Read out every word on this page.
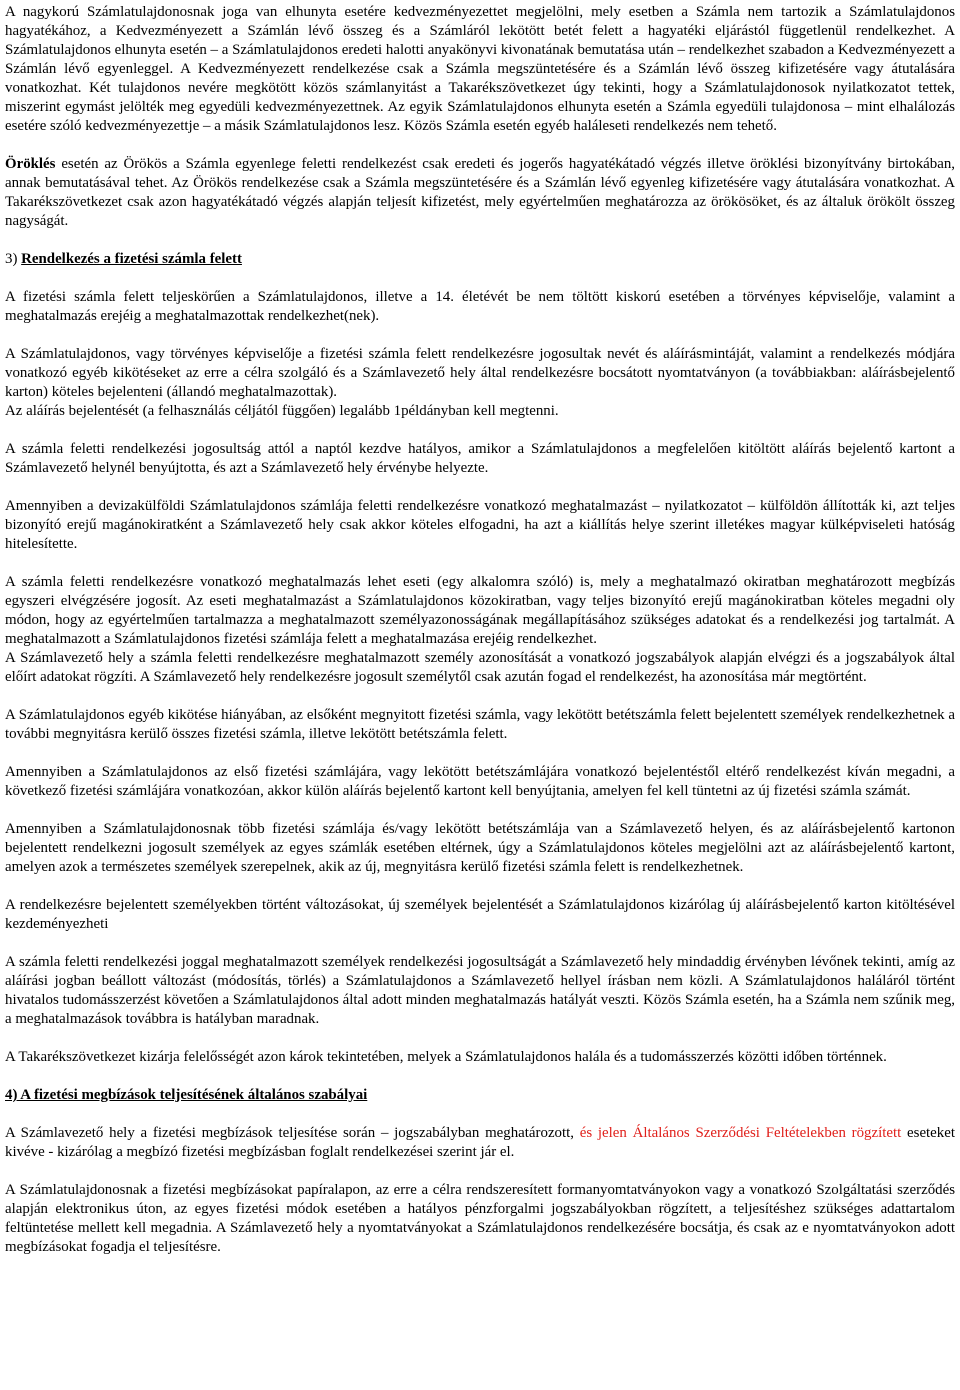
A nagykorú Számlatulajdonosnak joga van elhunyta esetére kedvezményezettet megjelölni, mely esetben a Számla nem tartozik a Számlatulajdonos hagyatékához, a Kedvezményezett a Számlán lévő összeg és a Számláról lekötött betét felett a hagyatéki eljárástól függetlenül rendelkezhet. A Számlatulajdonos elhunyta esetén – a Számlatulajdonos eredeti halotti anyakönyvi kivonatának bemutatása után – rendelkezhet szabadon a Kedvezményezett a Számlán lévő egyenleggel. A Kedvezményezett rendelkezése csak a Számla megszüntetésére és a Számlán lévő összeg kifizetésére vagy átutalására vonatkozhat. Két tulajdonos nevére megkötött közös számlanyitást a Takarékszövetkezet úgy tekinti, hogy a Számlatulajdonosok nyilatkozatot tettek, miszerint egymást jelölték meg egyedüli kedvezményezettnek. Az egyik Számlatulajdonos elhunyta esetén a Számla egyedüli tulajdonosa – mint elhalálozás esetére szóló kedvezményezettje – a másik Számlatulajdonos lesz. Közös Számla esetén egyéb haláleseti rendelkezés nem tehető.

Öröklés esetén az Örökös a Számla egyenlege feletti rendelkezést csak eredeti és jogerős hagyatékátadó végzés illetve öröklési bizonyítvány birtokában, annak bemutatásával tehet. Az Örökös rendelkezése csak a Számla megszüntetésére és a Számlán lévő egyenleg kifizetésére vagy átutalására vonatkozhat. A Takarékszövetkezet csak azon hagyatékátadó végzés alapján teljesít kifizetést, mely egyértelműen meghatározza az örökösöket, és az általuk örökölt összeg nagyságát.

3) Rendelkezés a fizetési számla felett

A fizetési számla felett teljeskörűen a Számlatulajdonos, illetve a 14. életévét be nem töltött kiskorú esetében a törvényes képviselője, valamint a meghatalmazás erejéig a meghatalmazottak rendelkezhet(nek).

A Számlatulajdonos, vagy törvényes képviselője a fizetési számla felett rendelkezésre jogosultak nevét és aláírásmintáját, valamint a rendelkezés módjára vonatkozó egyéb kikötéseket az erre a célra szolgáló és a Számlavezető hely által rendelkezésre bocsátott nyomtatványon (a továbbiakban: aláírásbejelentő karton) köteles bejelenteni (állandó meghatalmazottak).

Az aláírás bejelentését (a felhasználás céljától függően) legalább 1példányban kell megtenni.

A számla feletti rendelkezési jogosultság attól a naptól kezdve hatályos, amikor a Számlatulajdonos a megfelelően kitöltött aláírás bejelentő kartont a Számlavezető helynél benyújtotta, és azt a Számlavezető hely érvénybe helyezte.

Amennyiben a devizakülföldi Számlatulajdonos számlája feletti rendelkezésre vonatkozó meghatalmazást – nyilatkozatot – külföldön állították ki, azt teljes bizonyító erejű magánokiratként a Számlavezető hely csak akkor köteles elfogadni, ha azt a kiállítás helye szerint illetékes magyar külképviseleti hatóság hitelesítette.

A számla feletti rendelkezésre vonatkozó meghatalmazás lehet eseti (egy alkalomra szóló) is, mely a meghatalmazó okiratban meghatározott megbízás egyszeri elvégzésére jogosít. Az eseti meghatalmazást a Számlatulajdonos közokiratban, vagy teljes bizonyító erejű magánokiratban köteles megadni oly módon, hogy az egyértelműen tartalmazza a meghatalmazott személyazonosságának megállapításához szükséges adatokat és a rendelkezési jog tartalmát. A meghatalmazott a Számlatulajdonos fizetési számlája felett a meghatalmazása erejéig rendelkezhet.

A Számlavezető hely a számla feletti rendelkezésre meghatalmazott személy azonosítását a vonatkozó jogszabályok alapján elvégzi és a jogszabályok által előírt adatokat rögzíti. A Számlavezető hely rendelkezésre jogosult személytől csak azután fogad el rendelkezést, ha azonosítása már megtörtént.

A Számlatulajdonos egyéb kikötése hiányában, az elsőként megnyitott fizetési számla, vagy lekötött betétszámla felett bejelentett személyek rendelkezhetnek a további megnyitásra kerülő összes fizetési számla, illetve lekötött betétszámla felett.

Amennyiben a Számlatulajdonos az első fizetési számlájára, vagy lekötött betétszámlájára vonatkozó bejelentéstől eltérő rendelkezést kíván megadni, a következő fizetési számlájára vonatkozóan, akkor külön aláírás bejelentő kartont kell benyújtania, amelyen fel kell tüntetni az új fizetési számla számát.

Amennyiben a Számlatulajdonosnak több fizetési számlája és/vagy lekötött betétszámlája van a Számlavezető helyen, és az aláírásbejelentő kartonon bejelentett rendelkezni jogosult személyek az egyes számlák esetében eltérnek, úgy a Számlatulajdonos köteles megjelölni azt az aláírásbejelentő kartont, amelyen azok a természetes személyek szerepelnek, akik az új, megnyitásra kerülő fizetési számla felett is rendelkezhetnek.

A rendelkezésre bejelentett személyekben történt változásokat, új személyek bejelentését a Számlatulajdonos kizárólag új aláírásbejelentő karton kitöltésével kezdeményezheti

A számla feletti rendelkezési joggal meghatalmazott személyek rendelkezési jogosultságát a Számlavezető hely mindaddig érvényben lévőnek tekinti, amíg az aláírási jogban beállott változást (módosítás, törlés) a Számlatulajdonos a Számlavezető hellyel írásban nem közli. A Számlatulajdonos haláláról történt hivatalos tudomásszerzést követően a Számlatulajdonos által adott minden meghatalmazás hatályát veszti. Közös Számla esetén, ha a Számla nem szűnik meg, a meghatalmazások továbbra is hatályban maradnak.

A Takarékszövetkezet kizárja felelősségét azon károk tekintetében, melyek a Számlatulajdonos halála és a tudomásszerzés közötti időben történnek.

4) A fizetési megbízások teljesítésének általános szabályai

A Számlavezető hely a fizetési megbízások teljesítése során – jogszabályban meghatározott, és jelen Általános Szerződési Feltételekben rögzített eseteket kivéve - kizárólag a megbízó fizetési megbízásban foglalt rendelkezései szerint jár el.

A Számlatulajdonosnak a fizetési megbízásokat papíralapon, az erre a célra rendszeresített formanyomtatványokon vagy a vonatkozó Szolgáltatási szerződés alapján elektronikus úton, az egyes fizetési módok esetében a hatályos pénzforgalmi jogszabályokban rögzített, a teljesítéshez szükséges adattartalom feltüntetése mellett kell megadnia. A Számlavezető hely a nyomtatványokat a Számlatulajdonos rendelkezésére bocsátja, és csak az e nyomtatványokon adott megbízásokat fogadja el teljesítésre.
